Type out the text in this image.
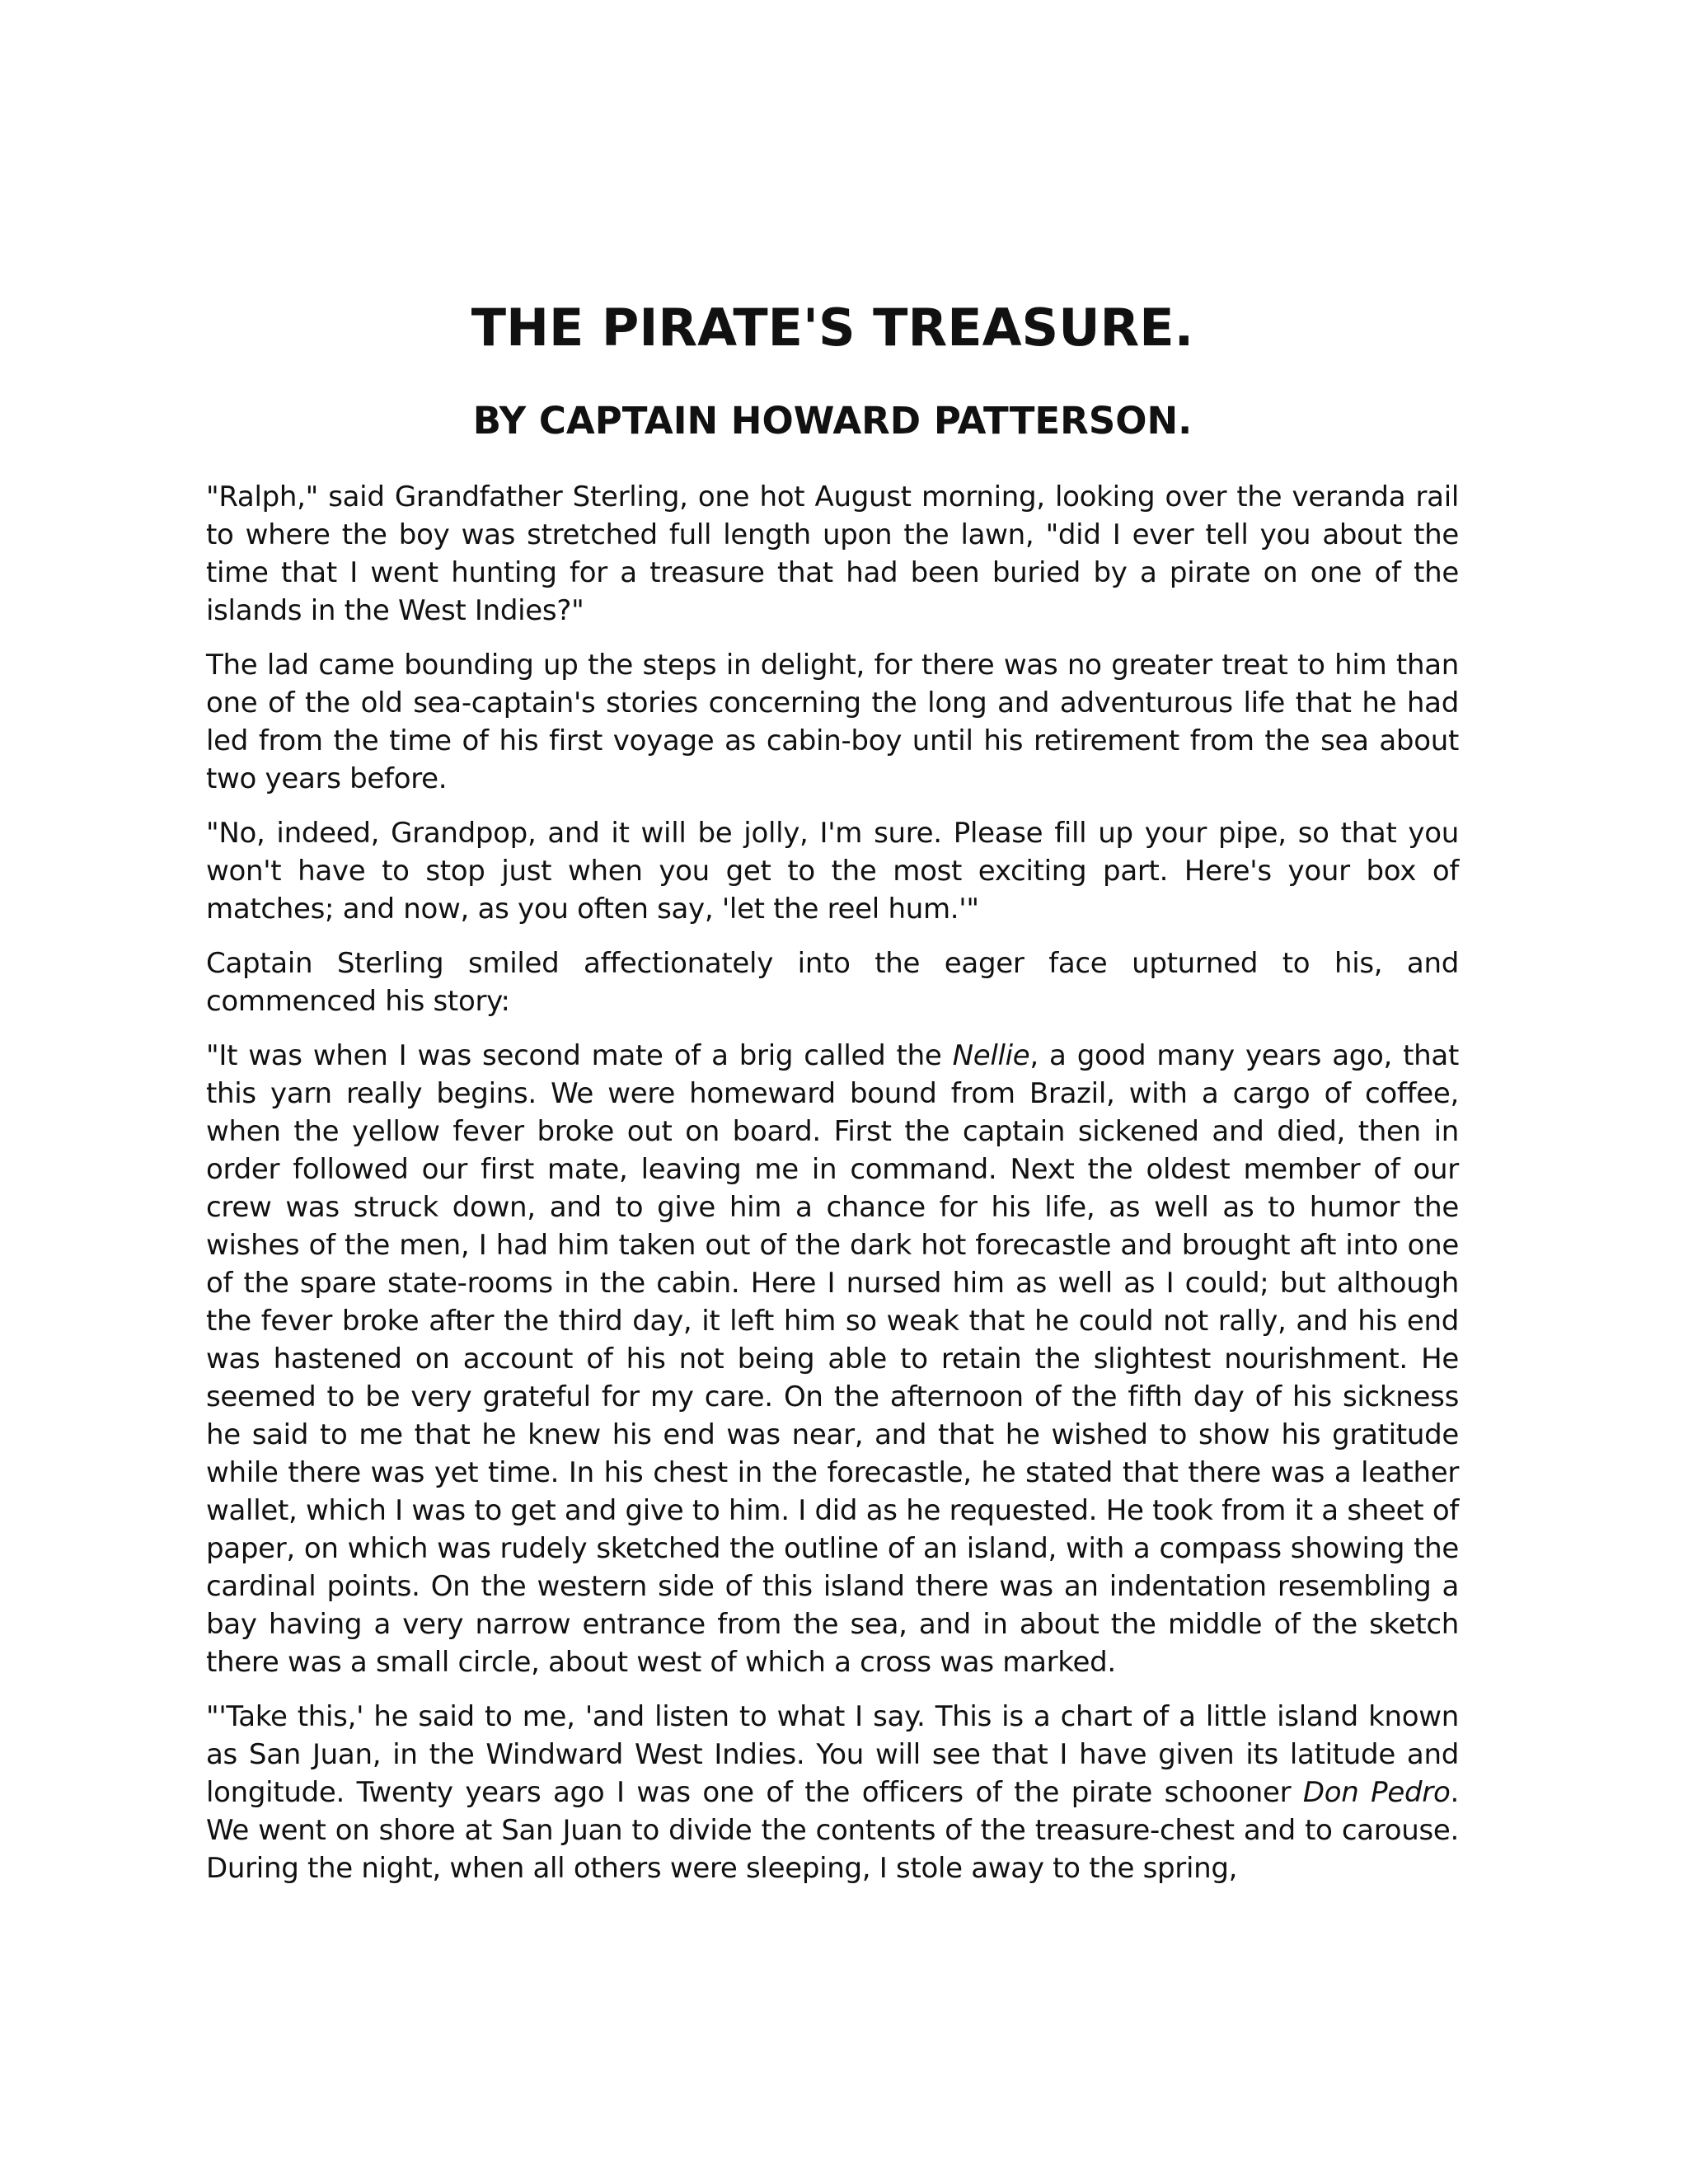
THE PIRATE'S TREASURE.
BY CAPTAIN HOWARD PATTERSON.

"Ralph," said Grandfather Sterling, one hot August morning, looking over the veranda rail to where the boy was stretched full length upon the lawn, "did I ever tell you about the time that I went hunting for a treasure that had been buried by a pirate on one of the islands in the West Indies?"

The lad came bounding up the steps in delight, for there was no greater treat to him than one of the old sea-captain's stories concerning the long and adventurous life that he had led from the time of his first voyage as cabin-boy until his retirement from the sea about two years before.

"No, indeed, Grandpop, and it will be jolly, I'm sure. Please fill up your pipe, so that you won't have to stop just when you get to the most exciting part. Here's your box of matches; and now, as you often say, 'let the reel hum.'"

Captain Sterling smiled affectionately into the eager face upturned to his, and commenced his story:

"It was when I was second mate of a brig called the Nellie, a good many years ago, that this yarn really begins. We were homeward bound from Brazil, with a cargo of coffee, when the yellow fever broke out on board. First the captain sickened and died, then in order followed our first mate, leaving me in command. Next the oldest member of our crew was struck down, and to give him a chance for his life, as well as to humor the wishes of the men, I had him taken out of the dark hot forecastle and brought aft into one of the spare state-rooms in the cabin. Here I nursed him as well as I could; but although the fever broke after the third day, it left him so weak that he could not rally, and his end was hastened on account of his not being able to retain the slightest nourishment. He seemed to be very grateful for my care. On the afternoon of the fifth day of his sickness he said to me that he knew his end was near, and that he wished to show his gratitude while there was yet time. In his chest in the forecastle, he stated that there was a leather wallet, which I was to get and give to him. I did as he requested. He took from it a sheet of paper, on which was rudely sketched the outline of an island, with a compass showing the cardinal points. On the western side of this island there was an indentation resembling a bay having a very narrow entrance from the sea, and in about the middle of the sketch there was a small circle, about west of which a cross was marked.

"'Take this,' he said to me, 'and listen to what I say. This is a chart of a little island known as San Juan, in the Windward West Indies. You will see that I have given its latitude and longitude. Twenty years ago I was one of the officers of the pirate schooner Don Pedro. We went on shore at San Juan to divide the contents of the treasure-chest and to carouse. During the night, when all others were sleeping, I stole away to the spring,
